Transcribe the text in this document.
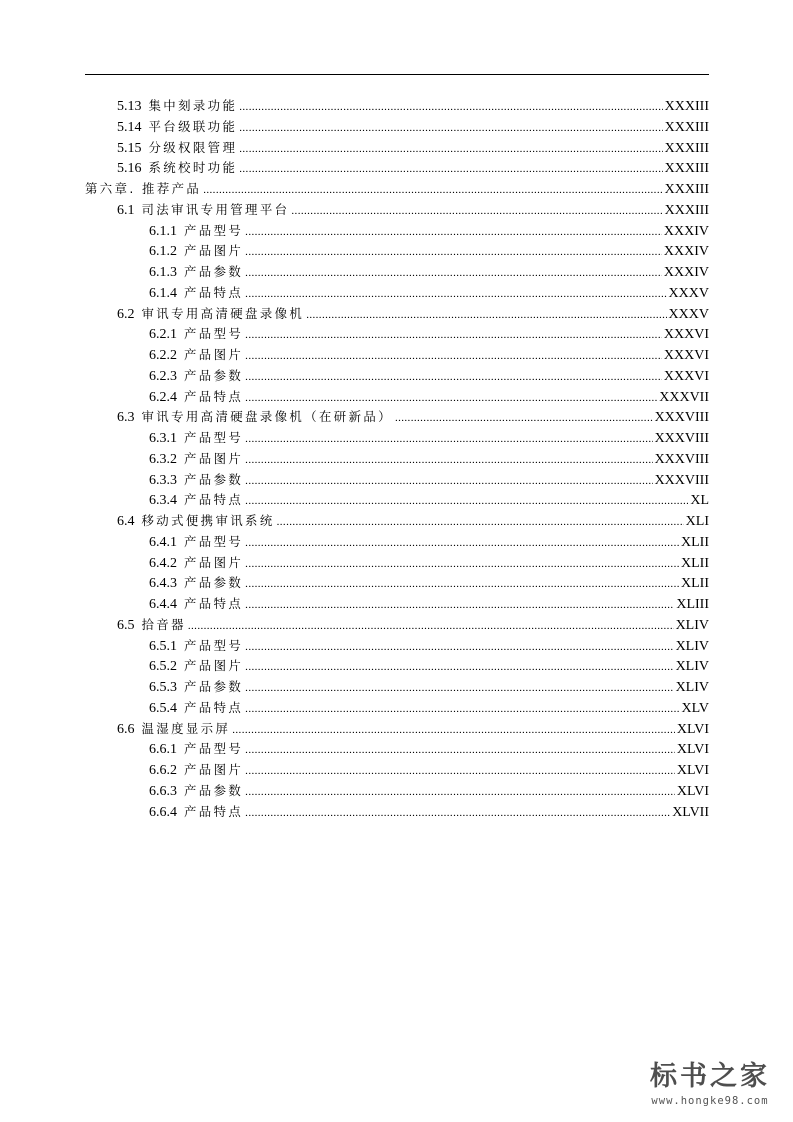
5.13 集中刻录功能 .....	XXXIII
5.14 平台级联功能 .....	XXXIII
5.15 分级权限管理 .....	XXXIII
5.16 系统校时功能 .....	XXXIII
第六章. 推荐产品 .....	XXXIII
6.1 司法审讯专用管理平台 .....	XXXIII
6.1.1 产品型号 .....	XXXIV
6.1.2 产品图片 .....	XXXIV
6.1.3 产品参数 .....	XXXIV
6.1.4 产品特点 .....	XXXV
6.2 审讯专用高清硬盘录像机 .....	XXXV
6.2.1 产品型号 .....	XXXVI
6.2.2 产品图片 .....	XXXVI
6.2.3 产品参数 .....	XXXVI
6.2.4 产品特点 .....	XXXVII
6.3 审讯专用高清硬盘录像机（在研新品） .....	XXXVIII
6.3.1 产品型号 .....	XXXVIII
6.3.2 产品图片 .....	XXXVIII
6.3.3 产品参数 .....	XXXVIII
6.3.4 产品特点 .....	XL
6.4 移动式便携审讯系统 .....	XLI
6.4.1 产品型号 .....	XLII
6.4.2 产品图片 .....	XLII
6.4.3 产品参数 .....	XLII
6.4.4 产品特点 .....	XLIII
6.5 拾音器 .....	XLIV
6.5.1 产品型号 .....	XLIV
6.5.2 产品图片 .....	XLIV
6.5.3 产品参数 .....	XLIV
6.5.4 产品特点 .....	XLV
6.6 温湿度显示屏 .....	XLVI
6.6.1 产品型号 .....	XLVI
6.6.2 产品图片 .....	XLVI
6.6.3 产品参数 .....	XLVI
6.6.4 产品特点 .....	XLVII
标书之家
www.hongke98.com
